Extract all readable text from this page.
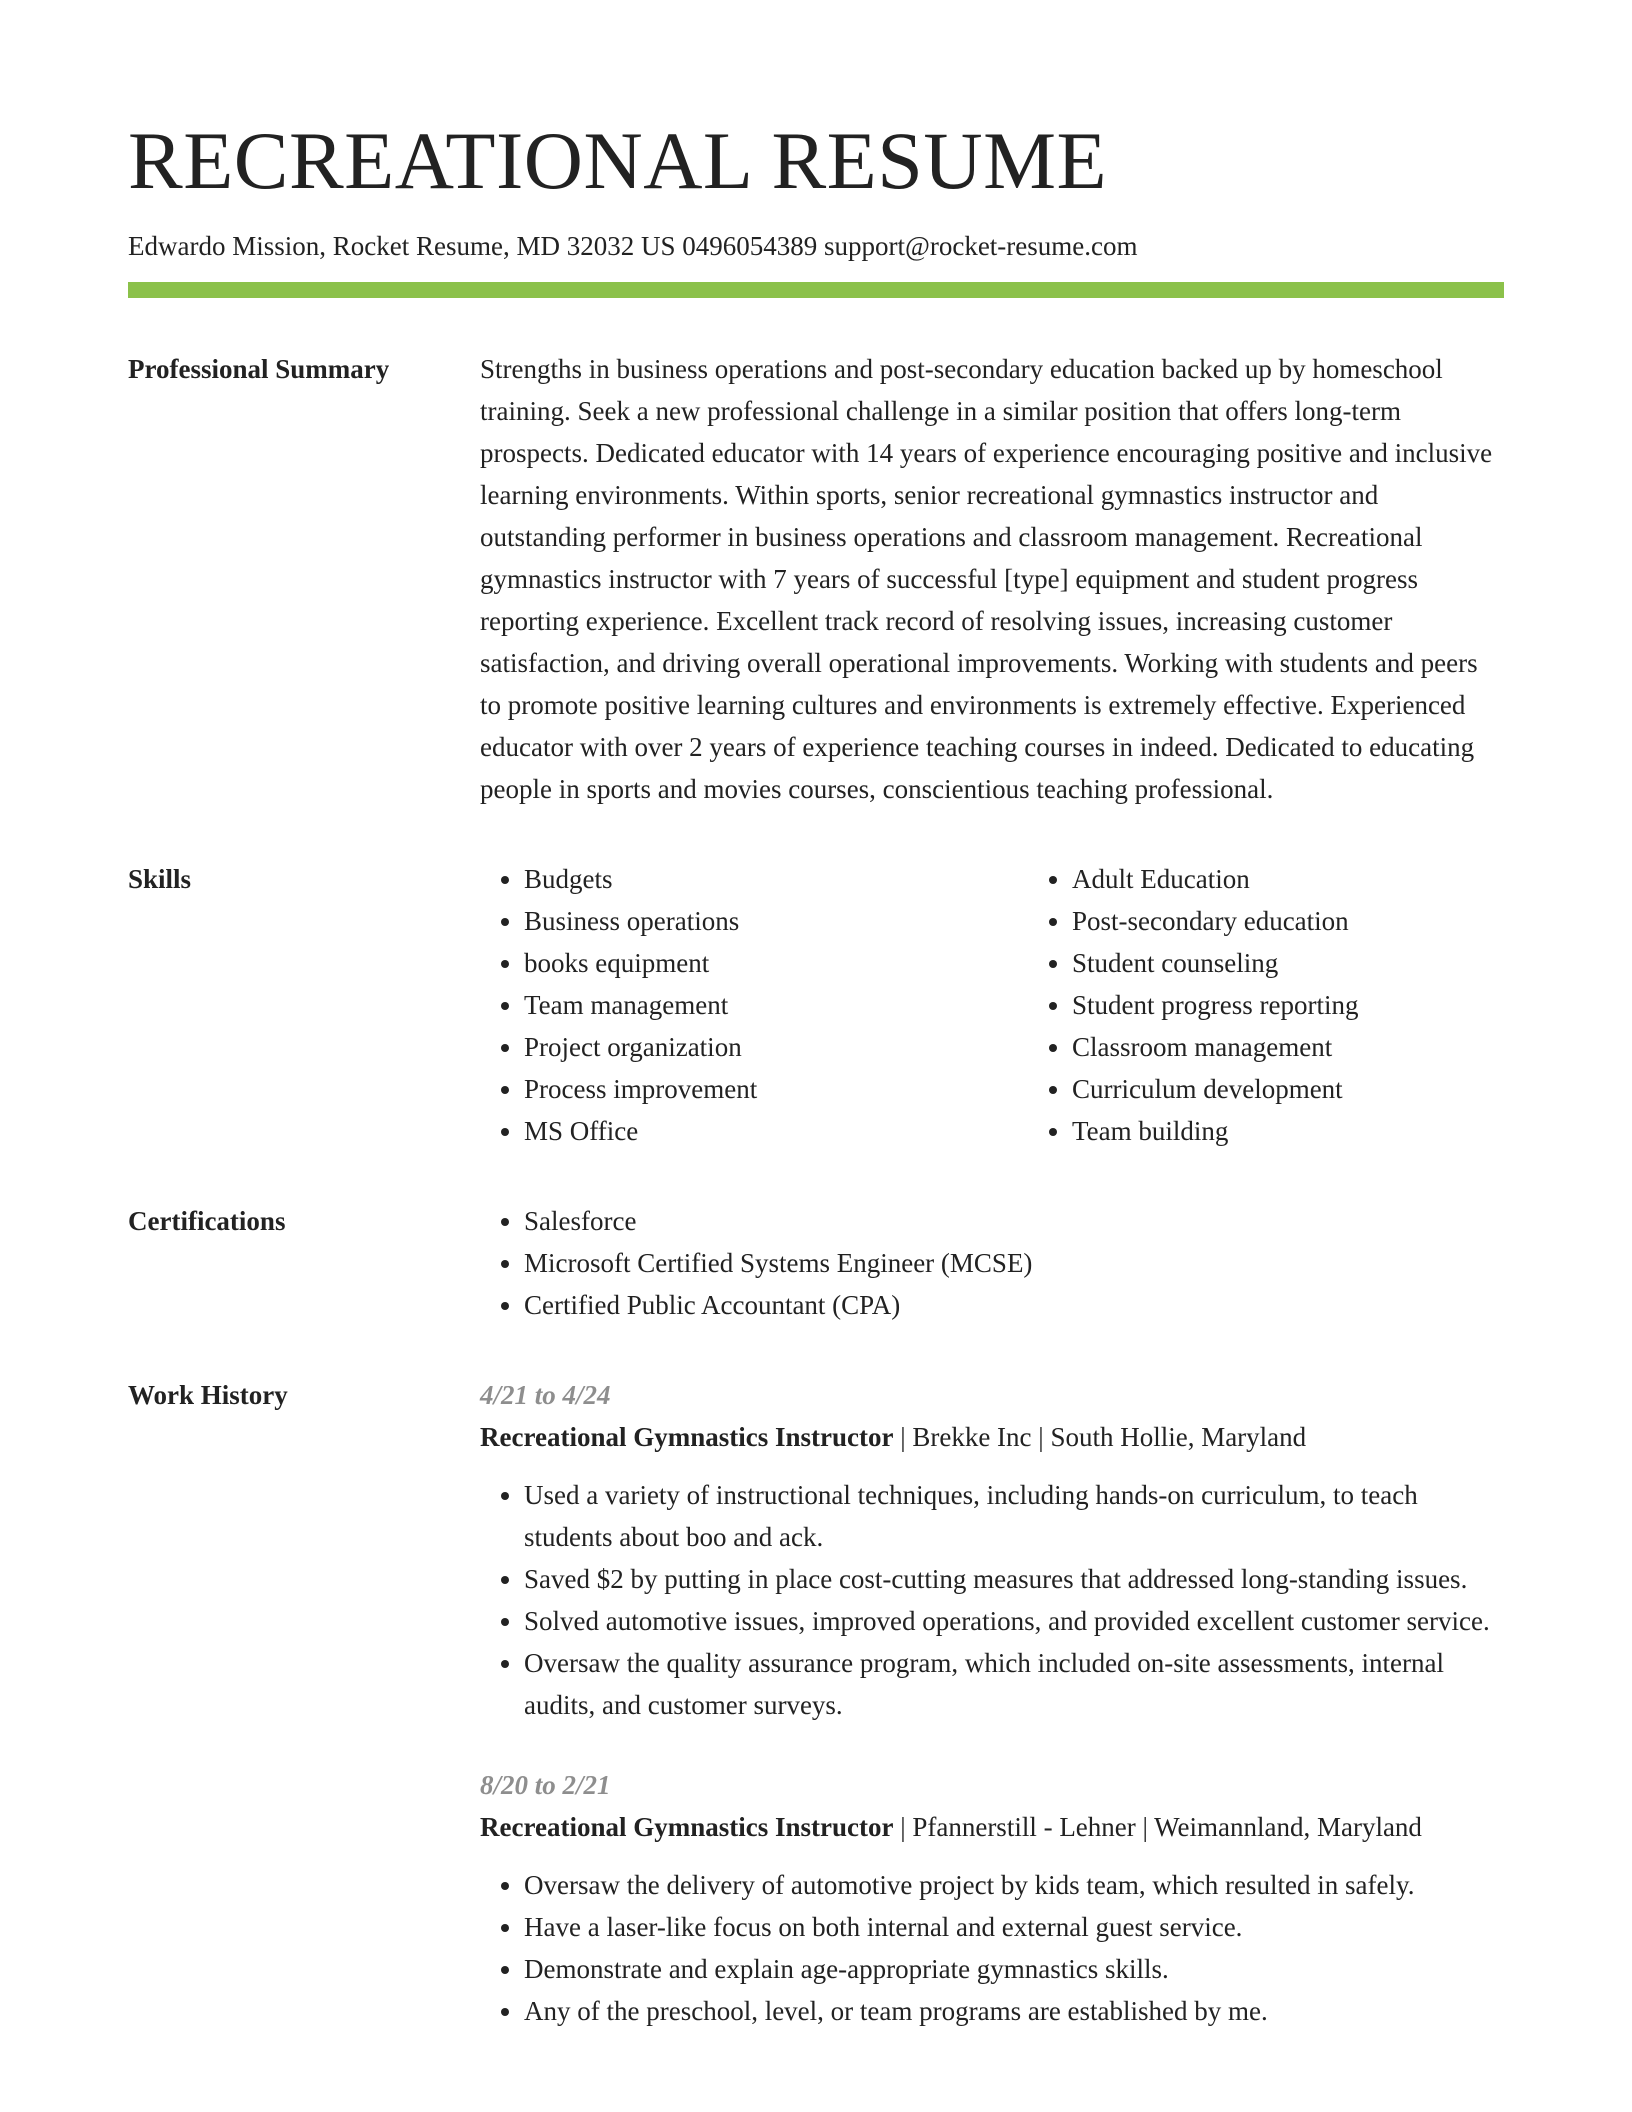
RECREATIONAL RESUME
Edwardo Mission, Rocket Resume, MD 32032 US 0496054389 support@rocket-resume.com
Professional Summary	Strengths in business operations and post-secondary education backed up by homeschool training. Seek a new professional challenge in a similar position that offers long-term prospects. Dedicated educator with 14 years of experience encouraging positive and inclusive learning environments. Within sports, senior recreational gymnastics instructor and outstanding performer in business operations and classroom management. Recreational gymnastics instructor with 7 years of successful [type] equipment and student progress reporting experience. Excellent track record of resolving issues, increasing customer satisfaction, and driving overall operational improvements. Working with students and peers to promote positive learning cultures and environments is extremely effective. Experienced educator with over 2 years of experience teaching courses in indeed. Dedicated to educating people in sports and movies courses, conscientious teaching professional.

Skills	• Budgets
• Business operations
• books equipment
• Team management
• Project organization
• Process improvement
• MS Office
• Adult Education
• Post-secondary education
• Student counseling
• Student progress reporting
• Classroom management
• Curriculum development
• Team building
Certifications	• Salesforce
• Microsoft Certified Systems Engineer (MCSE)
• Certified Public Accountant (CPA)
Work History	4/21 to 4/24
Recreational Gymnastics Instructor | Brekke Inc | South Hollie, Maryland
• Used a variety of instructional techniques, including hands-on curriculum, to teach students about boo and ack.
• Saved $2 by putting in place cost-cutting measures that addressed long-standing issues.
• Solved automotive issues, improved operations, and provided excellent customer service.
• Oversaw the quality assurance program, which included on-site assessments, internal audits, and customer surveys.
8/20 to 2/21
Recreational Gymnastics Instructor | Pfannerstill - Lehner | Weimannland, Maryland
• Oversaw the delivery of automotive project by kids team, which resulted in safely.
• Have a laser-like focus on both internal and external guest service.
• Demonstrate and explain age-appropriate gymnastics skills.
• Any of the preschool, level, or team programs are established by me.
